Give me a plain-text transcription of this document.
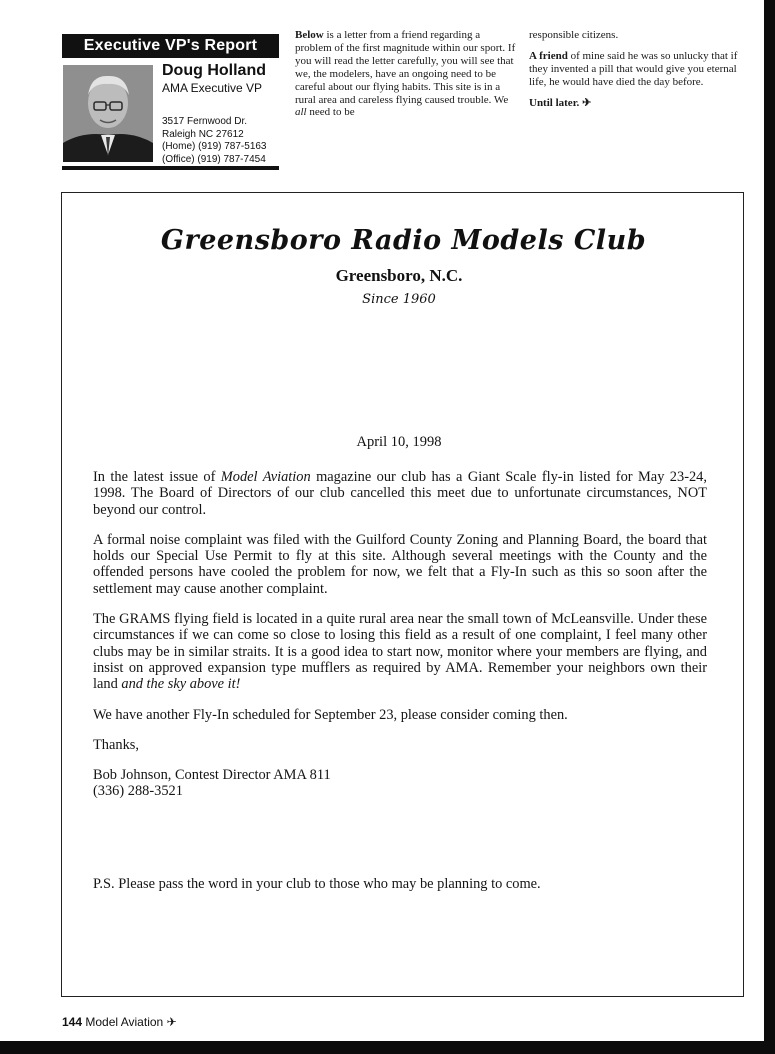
Executive VP's Report
Doug Holland
AMA Executive VP
3517 Fernwood Dr.
Raleigh NC 27612
(Home) (919) 787-5163
(Office) (919) 787-7454

Below is a letter from a friend regarding a problem of the first magnitude within our sport. If you will read the letter carefully, you will see that we, the modelers, have an ongoing need to be careful about our flying habits. This site is in a rural area and careless flying caused trouble. We all need to be

responsible citizens.

A friend of mine said he was so unlucky that if they invented a pill that would give you eternal life, he would have died the day before.

Until later. ✈
Greensboro Radio Models Club
Greensboro, N.C.
Since 1960
April 10, 1998

In the latest issue of Model Aviation magazine our club has a Giant Scale fly-in listed for May 23-24, 1998. The Board of Directors of our club cancelled this meet due to unfortunate circumstances, NOT beyond our control.

A formal noise complaint was filed with the Guilford County Zoning and Planning Board, the board that holds our Special Use Permit to fly at this site. Although several meetings with the County and the offended persons have cooled the problem for now, we felt that a Fly-In such as this so soon after the settlement may cause another complaint.

The GRAMS flying field is located in a quite rural area near the small town of McLeansville. Under these circumstances if we can come so close to losing this field as a result of one complaint, I feel many other clubs may be in similar straits. It is a good idea to start now, monitor where your members are flying, and insist on approved expansion type mufflers as required by AMA. Remember your neighbors own their land and the sky above it!

We have another Fly-In scheduled for September 23, please consider coming then.

Thanks,

Bob Johnson, Contest Director AMA 811
(336) 288-3521
P.S. Please pass the word in your club to those who may be planning to come.
144 Model Aviation ✈
